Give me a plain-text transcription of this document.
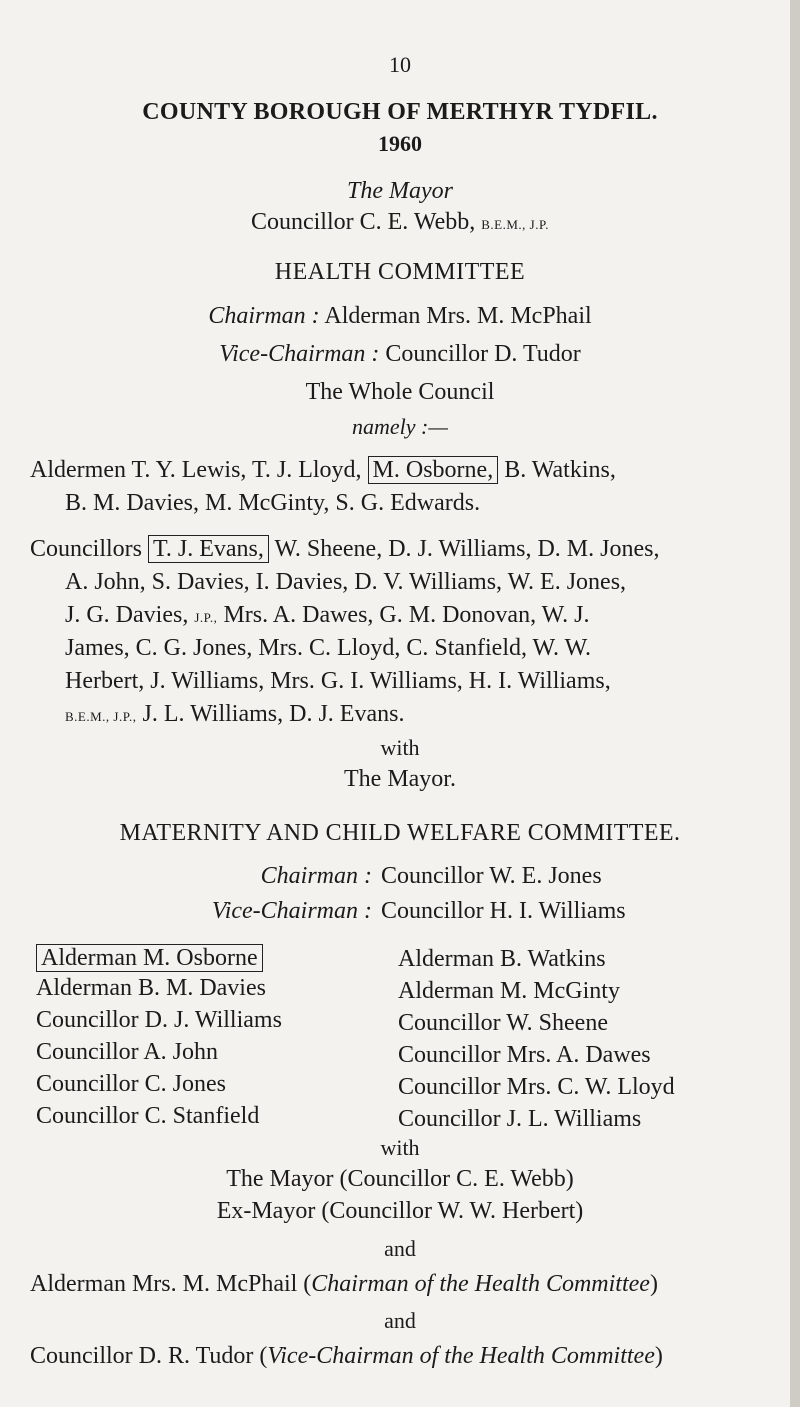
10
COUNTY BOROUGH OF MERTHYR TYDFIL.
1960
The Mayor
Councillor C. E. Webb, B.E.M., J.P.
HEALTH COMMITTEE
Chairman : Alderman Mrs. M. McPhail
Vice-Chairman : Councillor D. Tudor
The Whole Council
namely :—
Aldermen T. Y. Lewis, T. J. Lloyd, M. Osborne, B. Watkins,
B. M. Davies, M. McGinty, S. G. Edwards.
Councillors T. J. Evans, W. Sheene, D. J. Williams, D. M. Jones,
A. John, S. Davies, I. Davies, D. V. Williams, W. E. Jones,
J. G. Davies, J.P., Mrs. A. Dawes, G. M. Donovan, W. J.
James, C. G. Jones, Mrs. C. Lloyd, C. Stanfield, W. W.
Herbert, J. Williams, Mrs. G. I. Williams, H. I. Williams,
B.E.M., J.P., J. L. Williams, D. J. Evans.
with
The Mayor.
MATERNITY AND CHILD WELFARE COMMITTEE.
Chairman : Councillor W. E. Jones
Vice-Chairman : Councillor H. I. Williams
Alderman M. Osborne
Alderman B. M. Davies
Councillor D. J. Williams
Councillor A. John
Councillor C. Jones
Councillor C. Stanfield
Alderman B. Watkins
Alderman M. McGinty
Councillor W. Sheene
Councillor Mrs. A. Dawes
Councillor Mrs. C. W. Lloyd
Councillor J. L. Williams
with
The Mayor (Councillor C. E. Webb)
Ex-Mayor (Councillor W. W. Herbert)
and
Alderman Mrs. M. McPhail (Chairman of the Health Committee)
and
Councillor D. R. Tudor (Vice-Chairman of the Health Committee)
